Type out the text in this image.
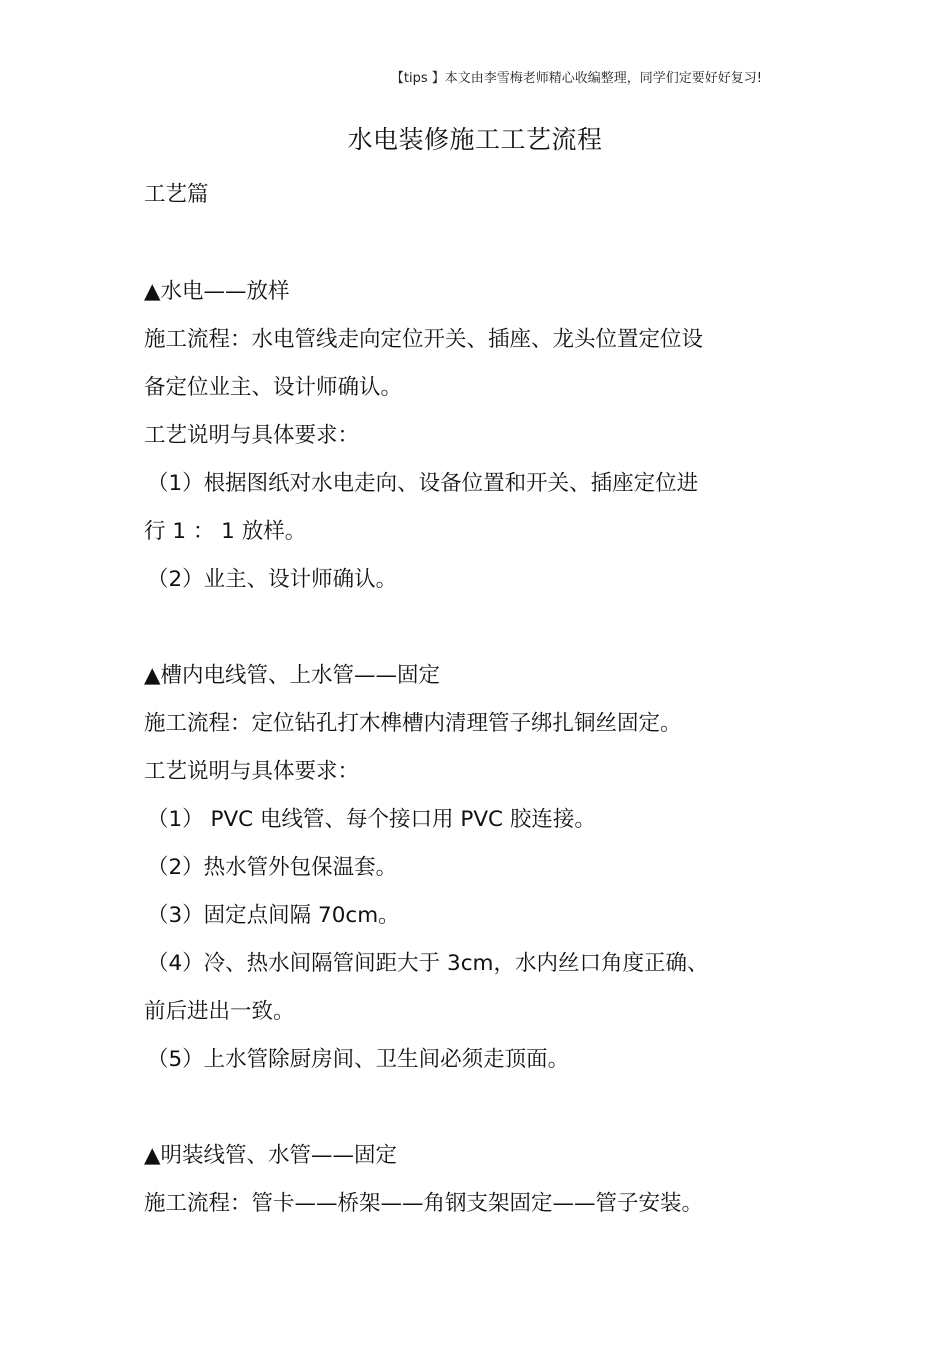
【tips 】本文由李雪梅老师精心收编整理，同学们定要好好复习!
水电装修施工工艺流程
工艺篇
▲水电——放样
施工流程：水电管线走向定位开关、插座、龙头位置定位设
备定位业主、设计师确认。
工艺说明与具体要求：
（1）根据图纸对水电走向、设备位置和开关、插座定位进
行 1 ： 1 放样。
（2）业主、设计师确认。
▲槽内电线管、上水管——固定
施工流程：定位钻孔打木榫槽内清理管子绑扎铜丝固定。
工艺说明与具体要求：
（1） PVC 电线管、每个接口用 PVC 胶连接。
（2）热水管外包保温套。
（3）固定点间隔 70cm。
（4）冷、热水间隔管间距大于 3cm，水内丝口角度正确、
前后进出一致。
（5）上水管除厨房间、卫生间必须走顶面。
▲明装线管、水管——固定
施工流程：管卡——桥架——角钢支架固定——管子安装。
